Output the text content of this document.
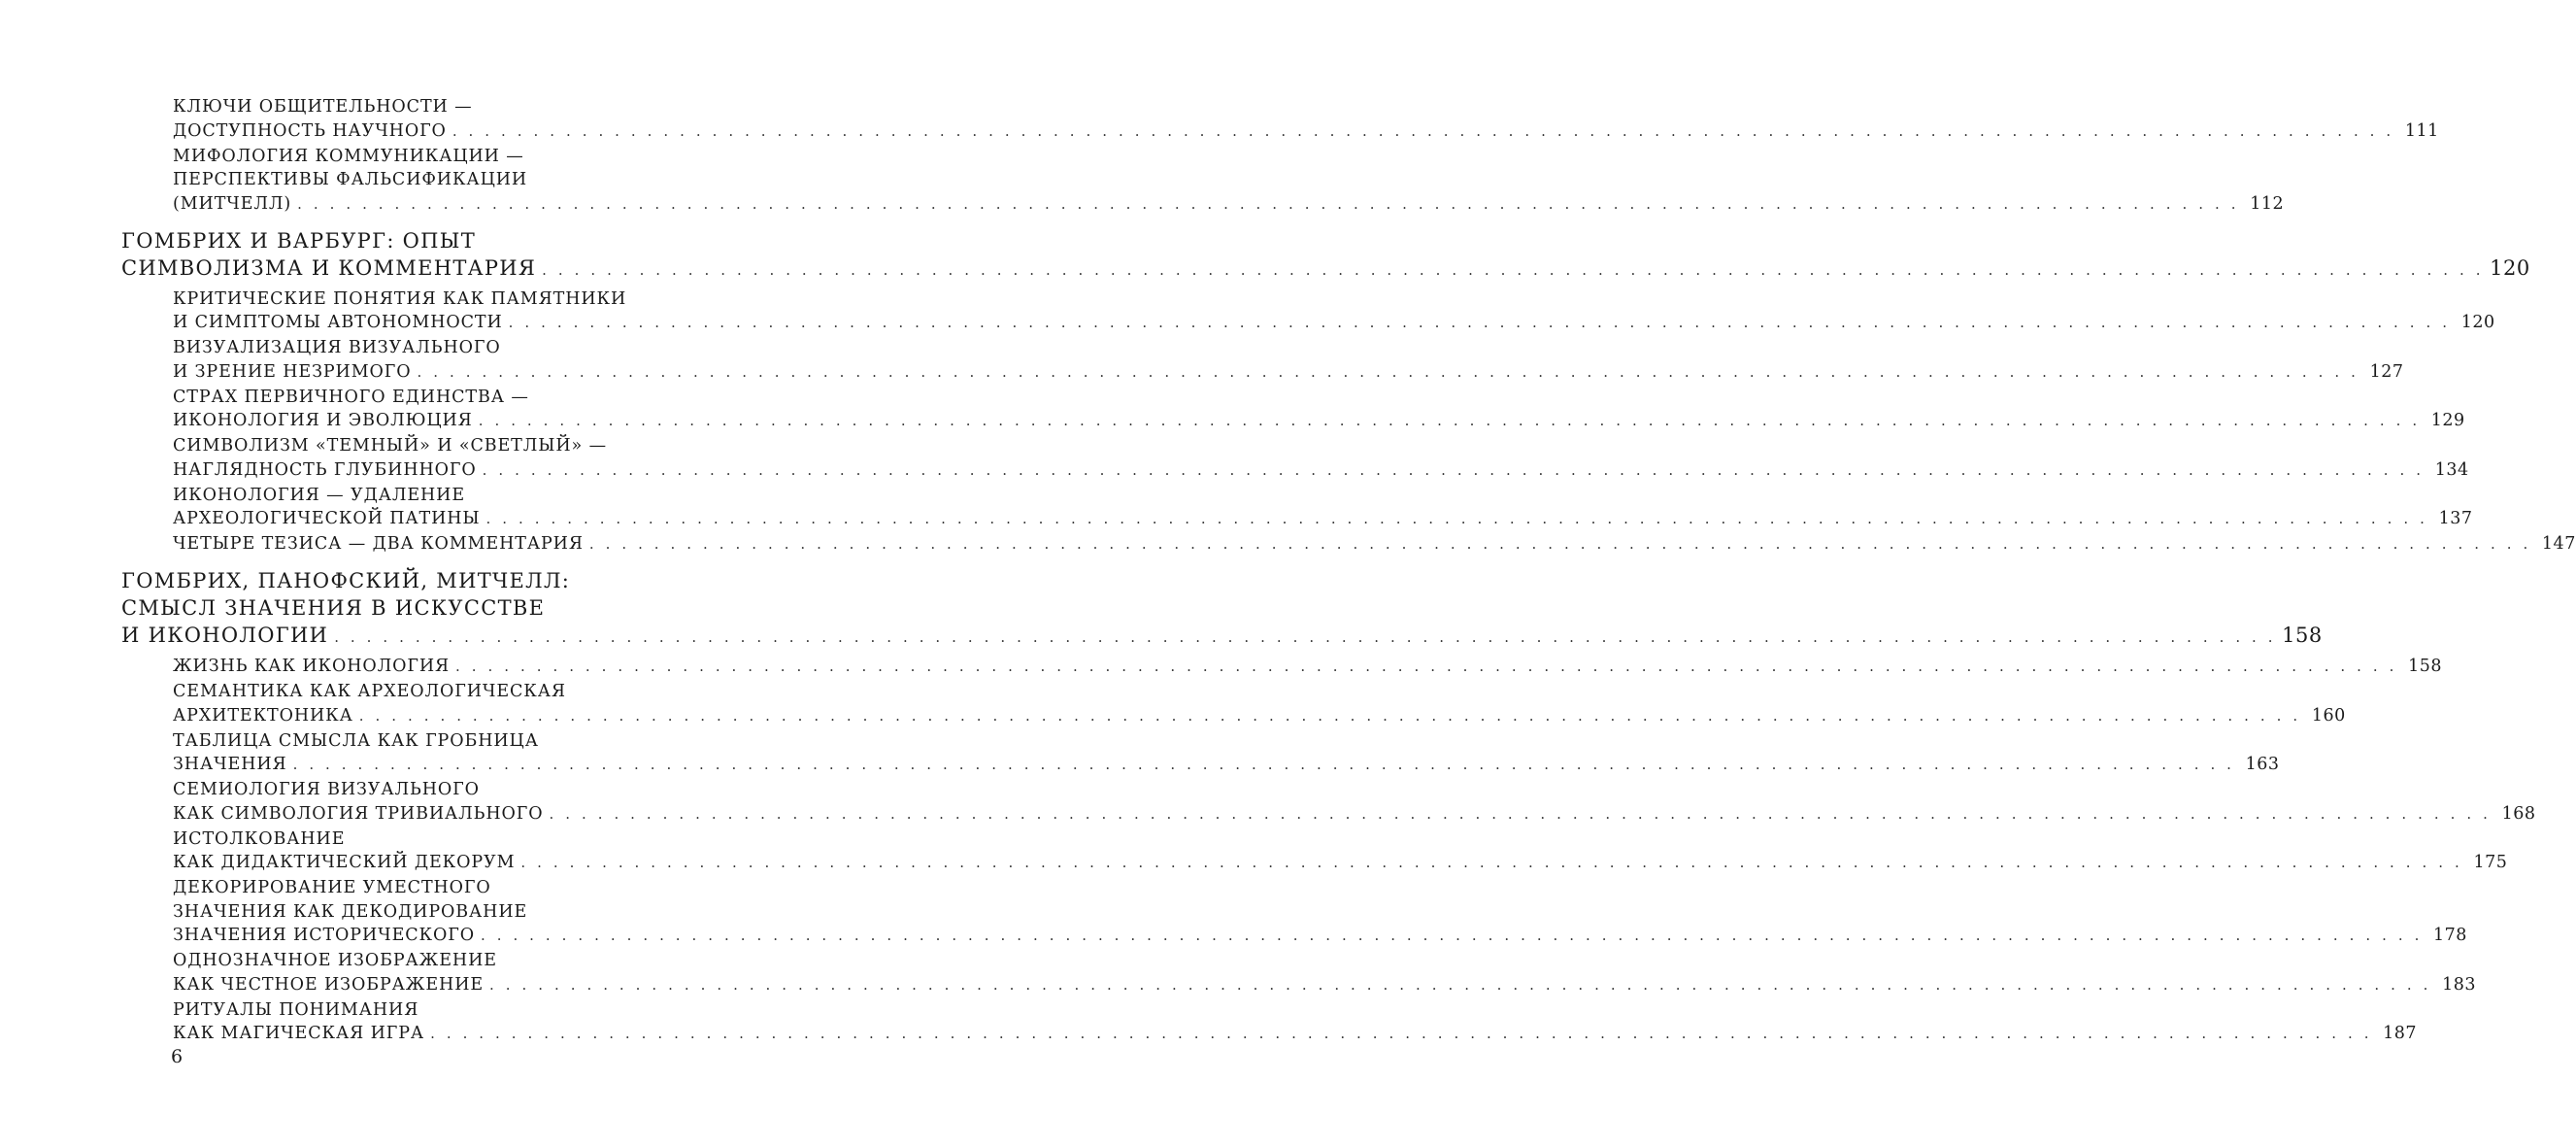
КЛЮЧИ ОБЩИТЕЛЬНОСТИ —
ДОСТУПНОСТЬ НАУЧНОГО . . . . . . . . . . . . . . . . . . . . . . . . . . . . . . . . . . . . . . . . . . . . . . . . . . . . . . . . . . . . . . . . . . . . . . . . . . . . . . . . . . . . . . . . . . . . . . . . . . . . . . . . . . . . . . . . . . . . . . . . 111
МИФОЛОГИЯ КОММУНИКАЦИИ —
ПЕРСПЕКТИВЫ ФАЛЬСИФИКАЦИИ
(МИТЧЕЛЛ) . . . . . . . . . . . . . . . . . . . . . . . . . . . . . . . . . . . . . . . . . . . . . . . . . . . . . . . . . . . . . . . . . . . . . . . . . . . . . . . . . . . . . . . . . . . . . . . . . . . . . . . . . . . . . . . . . . . . . . . . 112
ГОМБРИХ И ВАРБУРГ: ОПЫТ
СИМВОЛИЗМА И КОММЕНТАРИЯ . . . . . . . . . . . . . . . . . . . . . . . . . . . . . . . . . . . . . . . . . . . . . . . . . . . . . . . . . . . . . . . . . . . . . . . . . . . . . . . . . . . . . . . . . . . . . . . . . . . . . . . . . . . . . . . . . . . . . . . . 120
КРИТИЧЕСКИЕ ПОНЯТИЯ КАК ПАМЯТНИКИ
И СИМПТОМЫ АВТОНОМНОСТИ . . . . . . . . . . . . . . . . . . . . . . . . . . . . . . . . . . . . . . . . . . . . . . . . . . . . . . . . . . . . . . . . . . . . . . . . . . . . . . . . . . . . . . . . . . . . . . . . . . . . . . . . . . . . . . . . . . . . . . . . 120
ВИЗУАЛИЗАЦИЯ ВИЗУАЛЬНОГО
И ЗРЕНИЕ НЕЗРИМОГО . . . . . . . . . . . . . . . . . . . . . . . . . . . . . . . . . . . . . . . . . . . . . . . . . . . . . . . . . . . . . . . . . . . . . . . . . . . . . . . . . . . . . . . . . . . . . . . . . . . . . . . . . . . . . . . . . . . . . . . . 127
СТРАХ ПЕРВИЧНОГО ЕДИНСТВА —
ИКОНОЛОГИЯ И ЭВОЛЮЦИЯ . . . . . . . . . . . . . . . . . . . . . . . . . . . . . . . . . . . . . . . . . . . . . . . . . . . . . . . . . . . . . . . . . . . . . . . . . . . . . . . . . . . . . . . . . . . . . . . . . . . . . . . . . . . . . . . . . . . . . . . . 129
СИМВОЛИЗМ «ТЕМНЫЙ» И «СВЕТЛЫЙ» —
НАГЛЯДНОСТЬ ГЛУБИННОГО . . . . . . . . . . . . . . . . . . . . . . . . . . . . . . . . . . . . . . . . . . . . . . . . . . . . . . . . . . . . . . . . . . . . . . . . . . . . . . . . . . . . . . . . . . . . . . . . . . . . . . . . . . . . . . . . . . . . . . . . 134
ИКОНОЛОГИЯ — УДАЛЕНИЕ
АРХЕОЛОГИЧЕСКОЙ ПАТИНЫ . . . . . . . . . . . . . . . . . . . . . . . . . . . . . . . . . . . . . . . . . . . . . . . . . . . . . . . . . . . . . . . . . . . . . . . . . . . . . . . . . . . . . . . . . . . . . . . . . . . . . . . . . . . . . . . . . . . . . . . . 137
ЧЕТЫРЕ ТЕЗИСА — ДВА КОММЕНТАРИЯ . . . . . . . . . . . . . . . . . . . . . . . . . . . . . . . . . . . . . . . . . . . . . . . . . . . . . . . . . . . . . . . . . . . . . . . . . . . . . . . . . . . . . . . . . . . . . . . . . . . . . . . . . . . . . . . . . . . . . . . . 147
ГОМБРИХ, ПАНОФСКИЙ, МИТЧЕЛЛ:
СМЫСЛ ЗНАЧЕНИЯ В ИСКУССТВЕ
И ИКОНОЛОГИИ . . . . . . . . . . . . . . . . . . . . . . . . . . . . . . . . . . . . . . . . . . . . . . . . . . . . . . . . . . . . . . . . . . . . . . . . . . . . . . . . . . . . . . . . . . . . . . . . . . . . . . . . . . . . . . . . . . . . . . . . 158
ЖИЗНЬ КАК ИКОНОЛОГИЯ . . . . . . . . . . . . . . . . . . . . . . . . . . . . . . . . . . . . . . . . . . . . . . . . . . . . . . . . . . . . . . . . . . . . . . . . . . . . . . . . . . . . . . . . . . . . . . . . . . . . . . . . . . . . . . . . . . . . . . . . 158
СЕМАНТИКА КАК АРХЕОЛОГИЧЕСКАЯ
АРХИТЕКТОНИКА . . . . . . . . . . . . . . . . . . . . . . . . . . . . . . . . . . . . . . . . . . . . . . . . . . . . . . . . . . . . . . . . . . . . . . . . . . . . . . . . . . . . . . . . . . . . . . . . . . . . . . . . . . . . . . . . . . . . . . . . 160
ТАБЛИЦА СМЫСЛА КАК ГРОБНИЦА
ЗНАЧЕНИЯ . . . . . . . . . . . . . . . . . . . . . . . . . . . . . . . . . . . . . . . . . . . . . . . . . . . . . . . . . . . . . . . . . . . . . . . . . . . . . . . . . . . . . . . . . . . . . . . . . . . . . . . . . . . . . . . . . . . . . . . . 163
СЕМИОЛОГИЯ ВИЗУАЛЬНОГО
КАК СИМВОЛОГИЯ ТРИВИАЛЬНОГО . . . . . . . . . . . . . . . . . . . . . . . . . . . . . . . . . . . . . . . . . . . . . . . . . . . . . . . . . . . . . . . . . . . . . . . . . . . . . . . . . . . . . . . . . . . . . . . . . . . . . . . . . . . . . . . . . . . . . . . . 168
ИСТОЛКОВАНИЕ
КАК ДИДАКТИЧЕСКИЙ ДЕКОРУМ . . . . . . . . . . . . . . . . . . . . . . . . . . . . . . . . . . . . . . . . . . . . . . . . . . . . . . . . . . . . . . . . . . . . . . . . . . . . . . . . . . . . . . . . . . . . . . . . . . . . . . . . . . . . . . . . . . . . . . . . 175
ДЕКОРИРОВАНИЕ УМЕСТНОГО
ЗНАЧЕНИЯ КАК ДЕКОДИРОВАНИЕ
ЗНАЧЕНИЯ ИСТОРИЧЕСКОГО . . . . . . . . . . . . . . . . . . . . . . . . . . . . . . . . . . . . . . . . . . . . . . . . . . . . . . . . . . . . . . . . . . . . . . . . . . . . . . . . . . . . . . . . . . . . . . . . . . . . . . . . . . . . . . . . . . . . . . . . 178
ОДНОЗНАЧНОЕ ИЗОБРАЖЕНИЕ
КАК ЧЕСТНОЕ ИЗОБРАЖЕНИЕ . . . . . . . . . . . . . . . . . . . . . . . . . . . . . . . . . . . . . . . . . . . . . . . . . . . . . . . . . . . . . . . . . . . . . . . . . . . . . . . . . . . . . . . . . . . . . . . . . . . . . . . . . . . . . . . . . . . . . . . . 183
РИТУАЛЫ ПОНИМАНИЯ
КАК МАГИЧЕСКАЯ ИГРА . . . . . . . . . . . . . . . . . . . . . . . . . . . . . . . . . . . . . . . . . . . . . . . . . . . . . . . . . . . . . . . . . . . . . . . . . . . . . . . . . . . . . . . . . . . . . . . . . . . . . . . . . . . . . . . . . . . . . . . . 187
6
